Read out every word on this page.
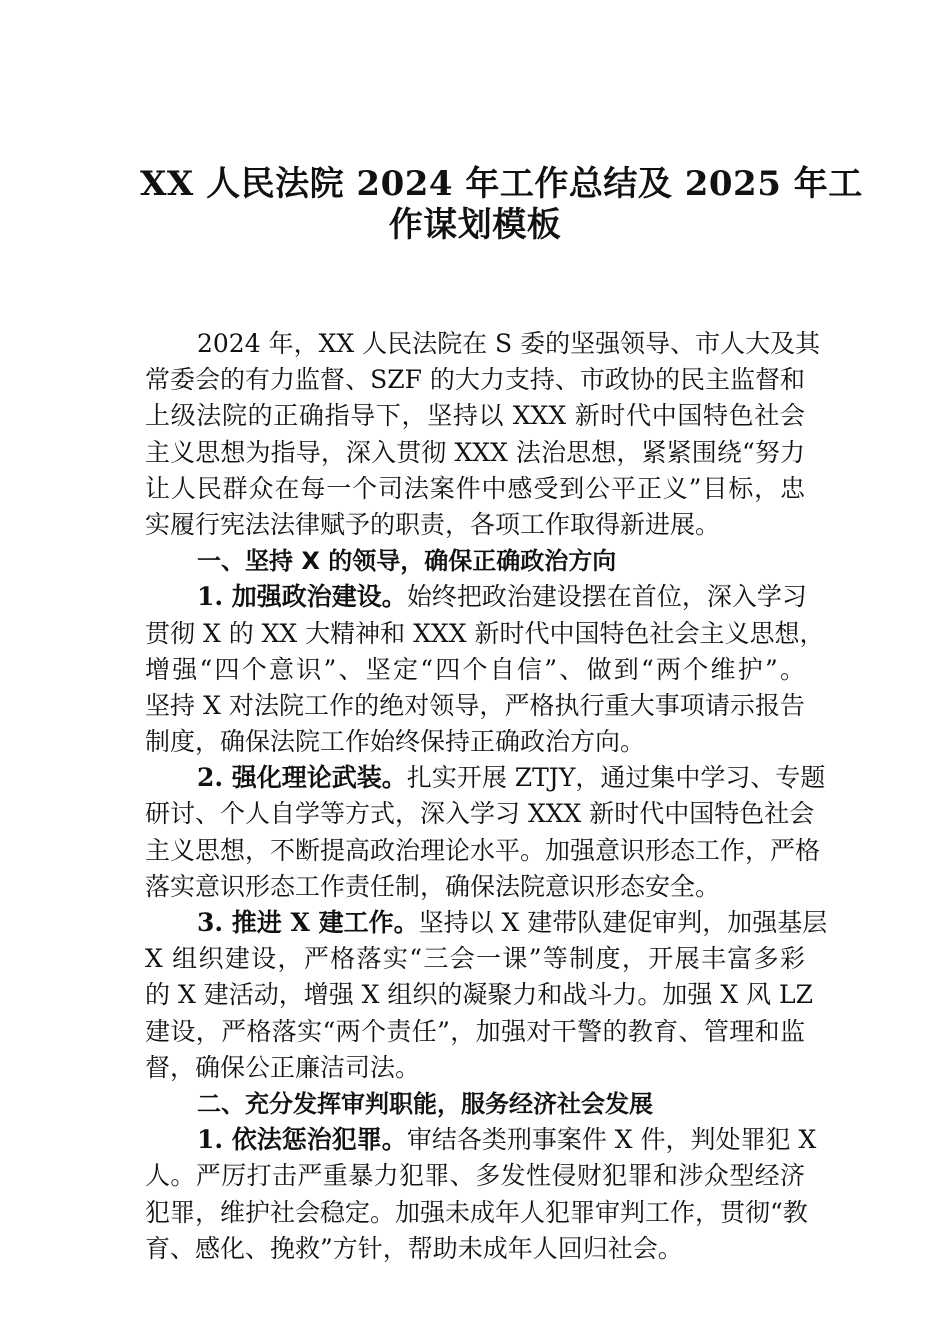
XX 人民法院 2024 年工作总结及 2025 年工
作谋划模板
2024 年，XX 人民法院在 S 委的坚强领导、市人大及其
常委会的有力监督、SZF 的大力支持、市政协的民主监督和
上级法院的正确指导下，坚持以 XXX 新时代中国特色社会
主义思想为指导，深入贯彻 XXX 法治思想，紧紧围绕“努力
让人民群众在每一个司法案件中感受到公平正义”目标，忠
实履行宪法法律赋予的职责，各项工作取得新进展。
一、坚持 X 的领导，确保正确政治方向
1. 加强政治建设。始终把政治建设摆在首位，深入学习
贯彻 X 的 XX 大精神和 XXX 新时代中国特色社会主义思想，
增强“四个意识”、坚定“四个自信”、做到“两个维护”。
坚持 X 对法院工作的绝对领导，严格执行重大事项请示报告
制度，确保法院工作始终保持正确政治方向。
2. 强化理论武装。扎实开展 ZTJY，通过集中学习、专题
研讨、个人自学等方式，深入学习 XXX 新时代中国特色社会
主义思想，不断提高政治理论水平。加强意识形态工作，严格
落实意识形态工作责任制，确保法院意识形态安全。
3. 推进 X 建工作。坚持以 X 建带队建促审判，加强基层
X 组织建设，严格落实“三会一课”等制度，开展丰富多彩
的 X 建活动，增强 X 组织的凝聚力和战斗力。加强 X 风 LZ
建设，严格落实“两个责任”，加强对干警的教育、管理和监
督，确保公正廉洁司法。
二、充分发挥审判职能，服务经济社会发展
1. 依法惩治犯罪。审结各类刑事案件 X 件，判处罪犯 X
人。严厉打击严重暴力犯罪、多发性侵财犯罪和涉众型经济
犯罪，维护社会稳定。加强未成年人犯罪审判工作，贯彻“教
育、感化、挽救”方针，帮助未成年人回归社会。
